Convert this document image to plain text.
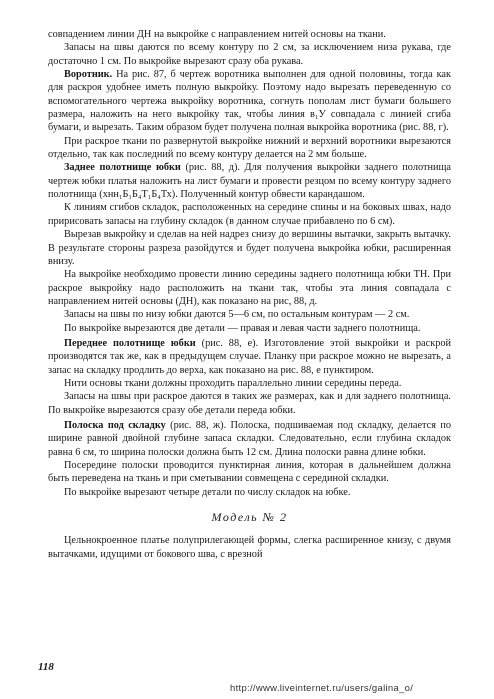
совпадением линии ДН на выкройке с направлением нитей основы на ткани.

Запасы на швы даются по всему контуру по 2 см, за исключением низа рукава, где достаточно 1 см. По выкройке вырезают сразу оба рукава.

Воротник. На рис. 87, б чертеж воротника выполнен для одной половины, тогда как для раскроя удобнее иметь полную выкройку. Поэтому надо вырезать переведенную со вспомогательного чертежа выкройку воротника, согнуть пополам лист бумаги большего размера, наложить на него выкройку так, чтобы линия в₁У совпадала с линией сгиба бумаги, и вырезать. Таким образом будет получена полная выкройка воротника (рис. 88, г).

При раскрое ткани по развернутой выкройке нижний и верхний воротники вырезаются отдельно, так как последний по всему контуру делается на 2 мм больше.

Заднее полотнище юбки (рис. 88, д). Для получения выкройки заднего полотнища чертеж юбки платья наложить на лист бумаги и провести резцом по всему контуру заднего полотнища (хнн₁Б₁Б₄Т₁Б₄Тх). Полученный контур обвести карандашом.

К линиям сгибов складок, расположенных на середине спины и на боковых швах, надо пририсовать запасы на глубину складок (в данном случае прибавлено по 6 см).

Вырезав выкройку и сделав на ней надрез снизу до вершины вытачки, закрыть вытачку. В результате стороны разреза разойдутся и будет получена выкройка юбки, расширенная внизу.

На выкройке необходимо провести линию середины заднего полотнища юбки ТН. При раскрое выкройку надо расположить на ткани так, чтобы эта линия совпадала с направлением нитей основы (ДН), как показано на рис, 88, д.

Запасы на швы по низу юбки даются 5—6 см, по остальным контурам — 2 см.

По выкройке вырезаются две детали — правая и левая части заднего полотнища.

Переднее полотнище юбки (рис. 88, е). Изготовление этой выкройки и раскрой производятся так же, как в предыдущем случае. Планку при раскрое можно не вырезать, а запас на складку продлить до верха, как показано на рис. 88, е пунктиром.

Нити основы ткани должны проходить параллельно линии середины переда.

Запасы на швы при раскрое даются в таких же размерах, как и для заднего полотнища. По выкройке вырезаются сразу обе детали переда юбки.

Полоска под складку (рис. 88, ж). Полоска, подшиваемая под складку, делается по ширине равной двойной глубине запаса складки. Следовательно, если глубина складок равна 6 см, то ширина полоски должна быть 12 см. Длина полоски равна длине юбки.

Посередине полоски проводится пунктирная линия, которая в дальнейшем должна быть переведена на ткань и при сметывании совмещена с серединой складки.

По выкройке вырезают четыре детали по числу складок на юбке.

Модель № 2

Цельнокроенное платье полуприлегающей формы, слегка расширенное книзу, с двумя вытачками, идущими от бокового шва, с врезной

118
http://www.liveinternet.ru/users/galina_o/
